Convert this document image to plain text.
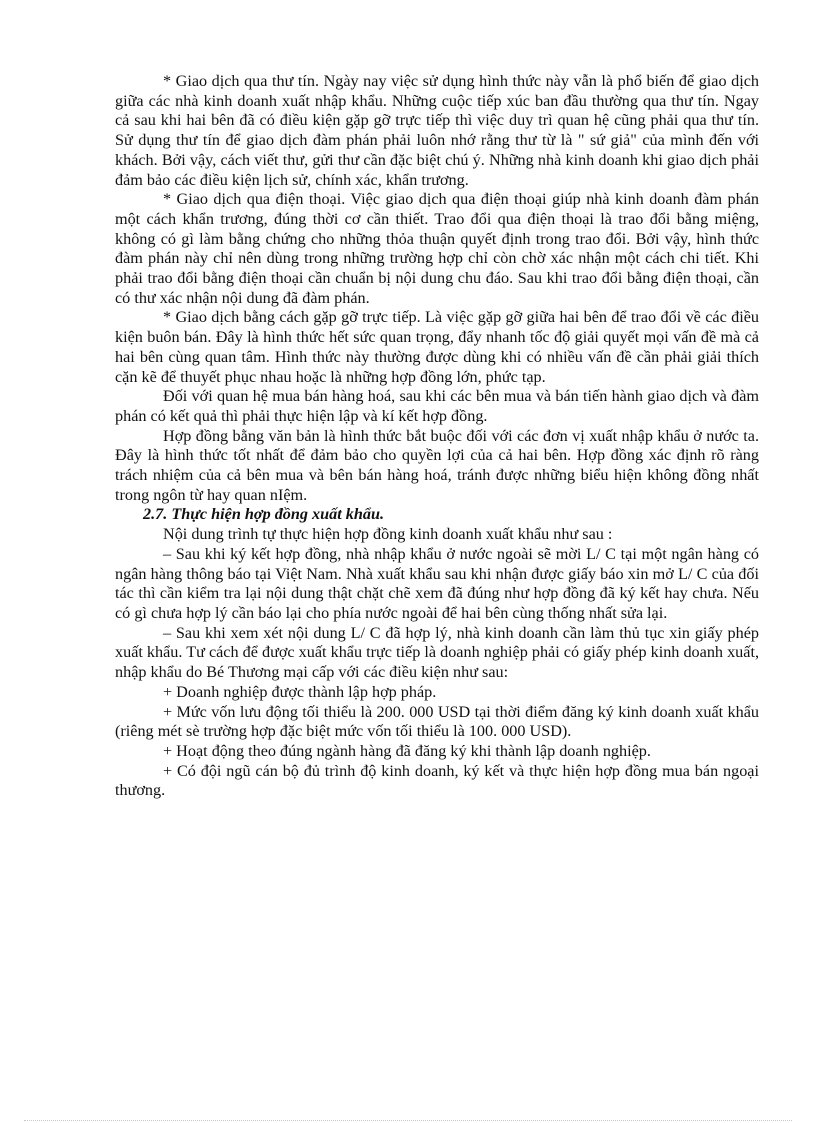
* Giao dịch qua thư tín. Ngày nay việc sử dụng hình thức này vẫn là phổ biến để giao dịch giữa các nhà kinh doanh xuất nhập khẩu. Những cuộc tiếp xúc ban đầu thường qua thư tín. Ngay cả sau khi hai bên đã có điều kiện gặp gỡ trực tiếp thì việc duy trì quan hệ cũng phải qua thư tín. Sử dụng thư tín để giao dịch đàm phán phải luôn nhớ rằng thư từ là " sứ giả" của mình đến với khách. Bởi vậy, cách viết thư, gửi thư cần đặc biệt chú ý. Những nhà kinh doanh khi giao dịch phải đảm bảo các điều kiện lịch sử, chính xác, khẩn trương.

* Giao dịch qua điện thoại. Việc giao dịch qua điện thoại giúp nhà kinh doanh đàm phán một cách khẩn trương, đúng thời cơ cần thiết. Trao đổi qua điện thoại là trao đổi bằng miệng, không có gì làm bằng chứng cho những thỏa thuận quyết định trong trao đổi. Bởi vậy, hình thức đàm phán này chỉ nên dùng trong những trường hợp chỉ còn chờ xác nhận một cách chi tiết. Khi phải trao đổi bằng điện thoại cần chuẩn bị nội dung chu đáo. Sau khi trao đổi bằng điện thoại, cần có thư xác nhận nội dung đã đàm phán.

* Giao dịch bằng cách gặp gỡ trực tiếp. Là việc gặp gỡ giữa hai bên để trao đổi về các điều kiện buôn bán. Đây là hình thức hết sức quan trọng, đẩy nhanh tốc độ giải quyết mọi vấn đề mà cả hai bên cùng quan tâm. Hình thức này thường được dùng khi có nhiều vấn đề cần phải giải thích cặn kẽ để thuyết phục nhau hoặc là những hợp đồng lớn, phức tạp.

Đối với quan hệ mua bán hàng hoá, sau khi các bên mua và bán tiến hành giao dịch và đàm phán có kết quả thì phải thực hiện lập và kí kết hợp đồng.

Hợp đồng bằng văn bản là hình thức bắt buộc đối với các đơn vị xuất nhập khẩu ở nước ta. Đây là hình thức tốt nhất để đảm bảo cho quyền lợi của cả hai bên. Hợp đồng xác định rõ ràng trách nhiệm của cả bên mua và bên bán hàng hoá, tránh được những biểu hiện không đồng nhất trong ngôn từ hay quan nIệm.

2.7. Thực hiện hợp đồng xuất khẩu.

Nội dung trình tự thực hiện hợp đồng kinh doanh xuất khẩu như sau :

– Sau khi ký kết hợp đồng, nhà nhập khẩu ở nước ngoài sẽ mời L/ C tại một ngân hàng có ngân hàng thông báo tại Việt Nam. Nhà xuất khẩu sau khi nhận được giấy báo xin mở L/ C của đối tác thì cần kiểm tra lại nội dung thật chặt chẽ xem đã đúng như hợp đồng đã ký kết hay chưa. Nếu có gì chưa hợp lý cần báo lại cho phía nước ngoài để hai bên cùng thống nhất sửa lại.

– Sau khi xem xét nội dung L/ C đã hợp lý, nhà kinh doanh cần làm thủ tục xin giấy phép xuất khẩu. Tư cách để được xuất khẩu trực tiếp là doanh nghiệp phải có giấy phép kinh doanh xuất, nhập khẩu do Bé Thương mại cấp với các điều kiện như sau:

+ Doanh nghiệp được thành lập hợp pháp.

+ Mức vốn lưu động tối thiểu là 200. 000 USD tại thời điểm đăng ký kinh doanh xuất khẩu (riêng mét sè trường hợp đặc biệt mức vốn tối thiểu là 100. 000 USD).

+ Hoạt động theo đúng ngành hàng đã đăng ký khi thành lập doanh nghiệp.

+ Có đội ngũ cán bộ đủ trình độ kinh doanh, ký kết và thực hiện hợp đồng mua bán ngoại thương.
